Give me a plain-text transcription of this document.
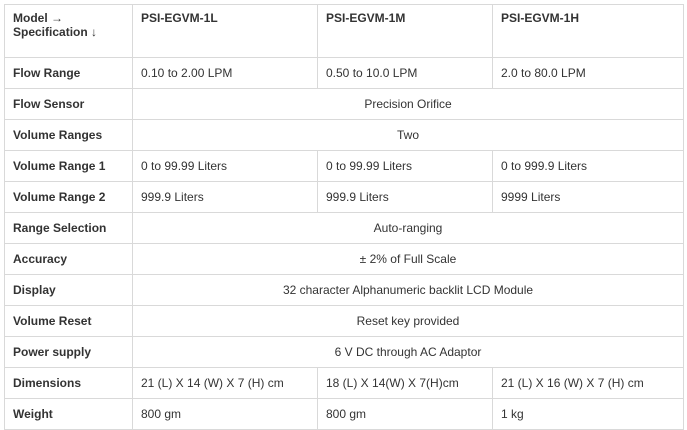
Model →
Specification ↓	PSI-EGVM-1L	PSI-EGVM-1M	PSI-EGVM-1H
Flow Range	0.10 to 2.00 LPM	0.50 to 10.0 LPM	2.0 to 80.0 LPM
Flow Sensor	Precision Orifice		
Volume Ranges	Two		
Volume Range 1	0 to 99.99 Liters	0 to 99.99 Liters	0 to 999.9 Liters
Volume Range 2	999.9 Liters	999.9 Liters	9999 Liters
Range Selection	Auto-ranging		
Accuracy	± 2% of Full Scale		
Display	32 character Alphanumeric backlit LCD Module		
Volume Reset	Reset key provided		
Power supply	6 V DC through AC Adaptor		
Dimensions	21 (L) X 14 (W) X 7 (H) cm	18 (L) X 14(W) X 7(H)cm	21 (L) X 16 (W) X 7 (H) cm
Weight	800 gm	800 gm	1 kg
